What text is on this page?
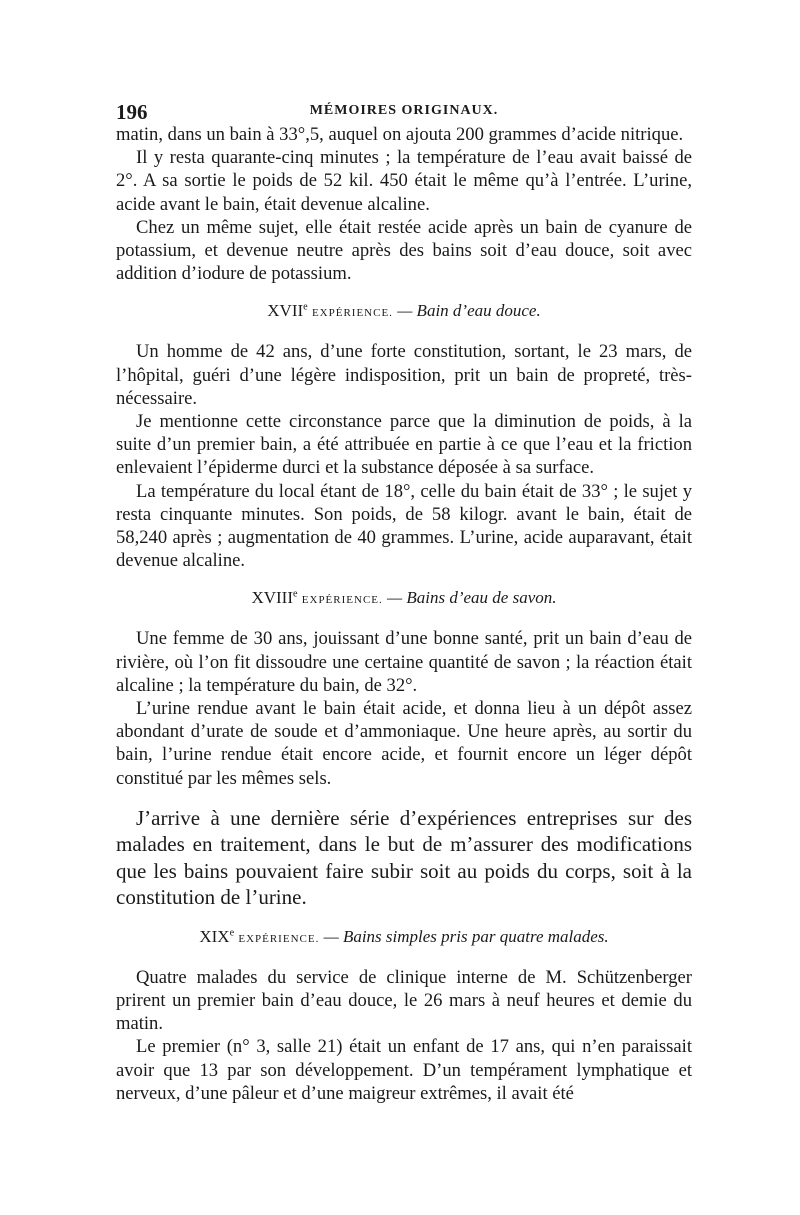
196	MÉMOIRES ORIGINAUX.

matin, dans un bain à 33°,5, auquel on ajouta 200 grammes d’acide nitrique.

Il y resta quarante-cinq minutes ; la température de l’eau avait baissé de 2°. A sa sortie le poids de 52 kil. 450 était le même qu’à l’entrée. L’urine, acide avant le bain, était devenue alcaline.

Chez un même sujet, elle était restée acide après un bain de cyanure de potassium, et devenue neutre après des bains soit d’eau douce, soit avec addition d’iodure de potassium.

XVIIe EXPÉRIENCE. — Bain d’eau douce.

Un homme de 42 ans, d’une forte constitution, sortant, le 23 mars, de l’hôpital, guéri d’une légère indisposition, prit un bain de propreté, très-nécessaire.

Je mentionne cette circonstance parce que la diminution de poids, à la suite d’un premier bain, a été attribuée en partie à ce que l’eau et la friction enlevaient l’épiderme durci et la substance déposée à sa surface.

La température du local étant de 18°, celle du bain était de 33° ; le sujet y resta cinquante minutes. Son poids, de 58 kilogr. avant le bain, était de 58,240 après ; augmentation de 40 grammes. L’urine, acide auparavant, était devenue alcaline.

XVIIIe EXPÉRIENCE. — Bains d’eau de savon.

Une femme de 30 ans, jouissant d’une bonne santé, prit un bain d’eau de rivière, où l’on fit dissoudre une certaine quantité de savon ; la réaction était alcaline ; la température du bain, de 32°.

L’urine rendue avant le bain était acide, et donna lieu à un dépôt assez abondant d’urate de soude et d’ammoniaque. Une heure après, au sortir du bain, l’urine rendue était encore acide, et fournit encore un léger dépôt constitué par les mêmes sels.

J’arrive à une dernière série d’expériences entreprises sur des malades en traitement, dans le but de m’assurer des modifications que les bains pouvaient faire subir soit au poids du corps, soit à la constitution de l’urine.

XIXe EXPÉRIENCE. — Bains simples pris par quatre malades.

Quatre malades du service de clinique interne de M. Schützenberger prirent un premier bain d’eau douce, le 26 mars à neuf heures et demie du matin.

Le premier (n° 3, salle 21) était un enfant de 17 ans, qui n’en paraissait avoir que 13 par son développement. D’un tempérament lymphatique et nerveux, d’une pâleur et d’une maigreur extrêmes, il avait été
